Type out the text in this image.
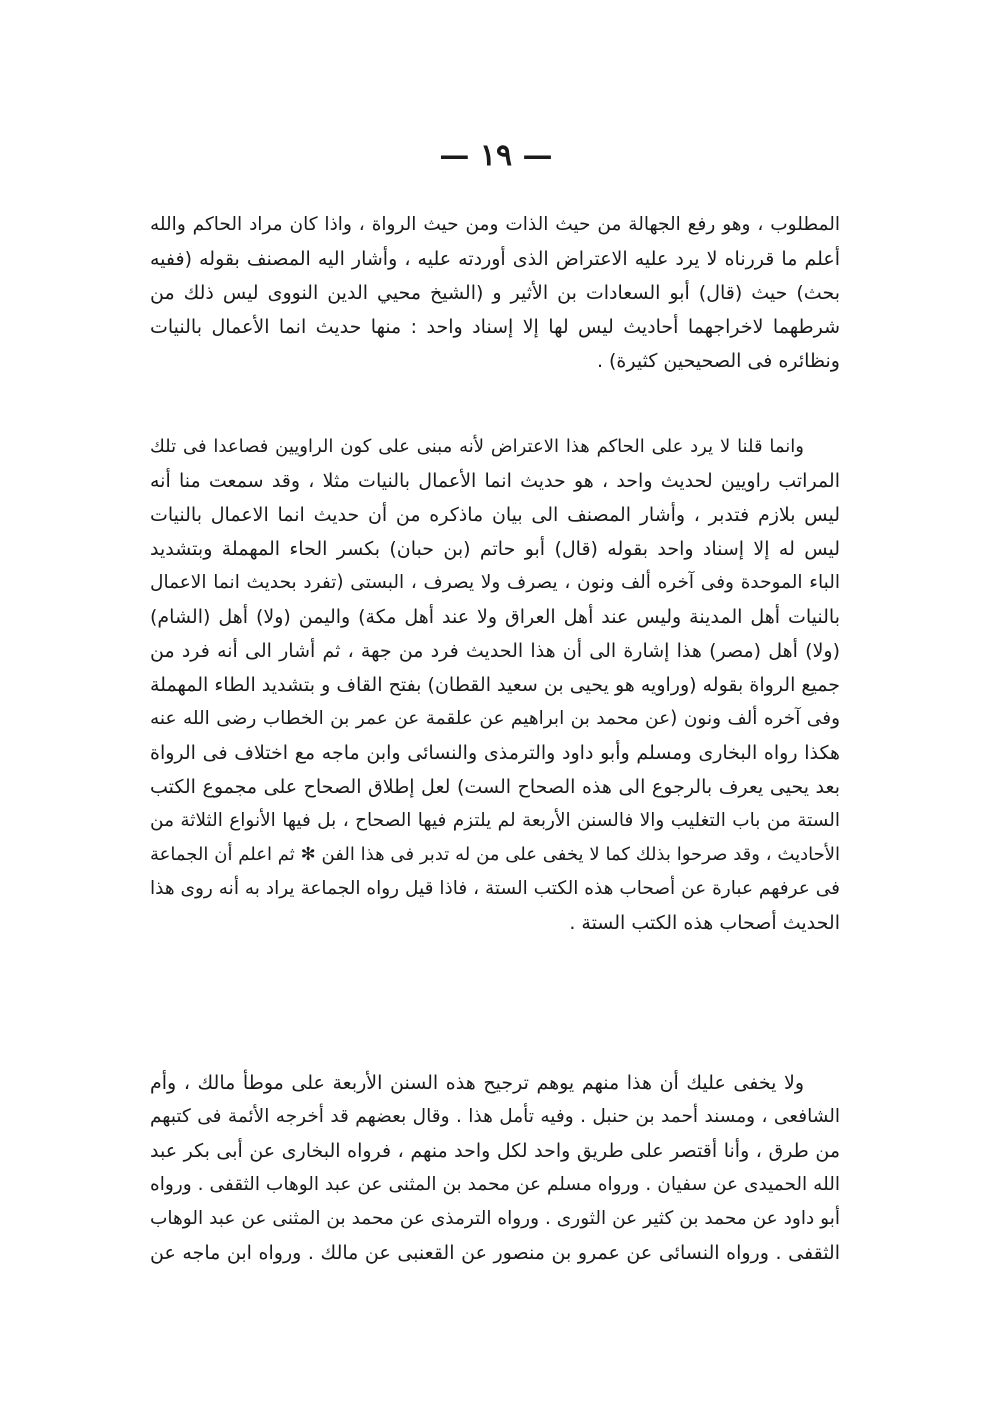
— ١٩ —
المطلوب ، وهو رفع الجهالة من حيث الذات ومن حيث الرواة ، واذا كان مراد الحاكم والله
أعلم ما قررناه لا يرد عليه الاعتراض الذى أوردته عليه ، وأشار اليه المصنف بقوله (ففيه
بحث) حيث (قال) أبو السعادات بن الأثير و (الشيخ محيي الدين النووى ليس ذلك من
شرطهما لاخراجهما أحاديث ليس لها إلا إسناد واحد : منها حديث انما الأعمال بالنيات
ونظائره فى الصحيحين كثيرة) .
وانما قلنا لا يرد على الحاكم هذا الاعتراض لأنه مبنى على كون الراويين فصاعدا فى تلك
المراتب راويين لحديث واحد ، هو حديث انما الأعمال بالنيات مثلا ، وقد سمعت منا أنه
ليس بلازم فتدبر ، وأشار المصنف الى بيان ماذكره من أن حديث انما الاعمال بالنيات
ليس له إلا إسناد واحد بقوله (قال) أبو حاتم (بن حبان) بكسر الحاء المهملة وبتشديد
الباء الموحدة وفى آخره ألف ونون ، يصرف ولا يصرف ، البستى (تفرد بحديث انما الاعمال
بالنيات أهل المدينة وليس عند أهل العراق ولا عند أهل مكة) واليمن (ولا) أهل (الشام)
(ولا) أهل (مصر) هذا إشارة الى أن هذا الحديث فرد من جهة ، ثم أشار الى أنه فرد من
جميع الرواة بقوله (وراويه هو يحيى بن سعيد القطان) بفتح القاف و بتشديد الطاء المهملة
وفى آخره ألف ونون (عن محمد بن ابراهيم عن علقمة عن عمر بن الخطاب رضى الله عنه
هكذا رواه البخارى ومسلم وأبو داود والترمذى والنسائى وابن ماجه مع اختلاف فى الرواة
بعد يحيى يعرف بالرجوع الى هذه الصحاح الست) لعل إطلاق الصحاح على مجموع الكتب
الستة من باب التغليب والا فالسنن الأربعة لم يلتزم فيها الصحاح ، بل فيها الأنواع الثلاثة من
الأحاديث ، وقد صرحوا بذلك كما لا يخفى على من له تدبر فى هذا الفن ✻ ثم اعلم أن الجماعة
فى عرفهم عبارة عن أصحاب هذه الكتب الستة ، فاذا قيل رواه الجماعة يراد به أنه روى هذا
الحديث أصحاب هذه الكتب الستة .
ولا يخفى عليك أن هذا منهم يوهم ترجيح هذه السنن الأربعة على موطأ مالك ، وأم
الشافعى ، ومسند أحمد بن حنبل . وفيه تأمل هذا . وقال بعضهم قد أخرجه الأئمة فى كتبهم
من طرق ، وأنا أقتصر على طريق واحد لكل واحد منهم ، فرواه البخارى عن أبى بكر عبد
الله الحميدى عن سفيان . ورواه مسلم عن محمد بن المثنى عن عبد الوهاب الثقفى . ورواه
أبو داود عن محمد بن كثير عن الثورى . ورواه الترمذى عن محمد بن المثنى عن عبد الوهاب
الثقفى . ورواه النسائى عن عمرو بن منصور عن القعنبى عن مالك . ورواه ابن ماجه عن
